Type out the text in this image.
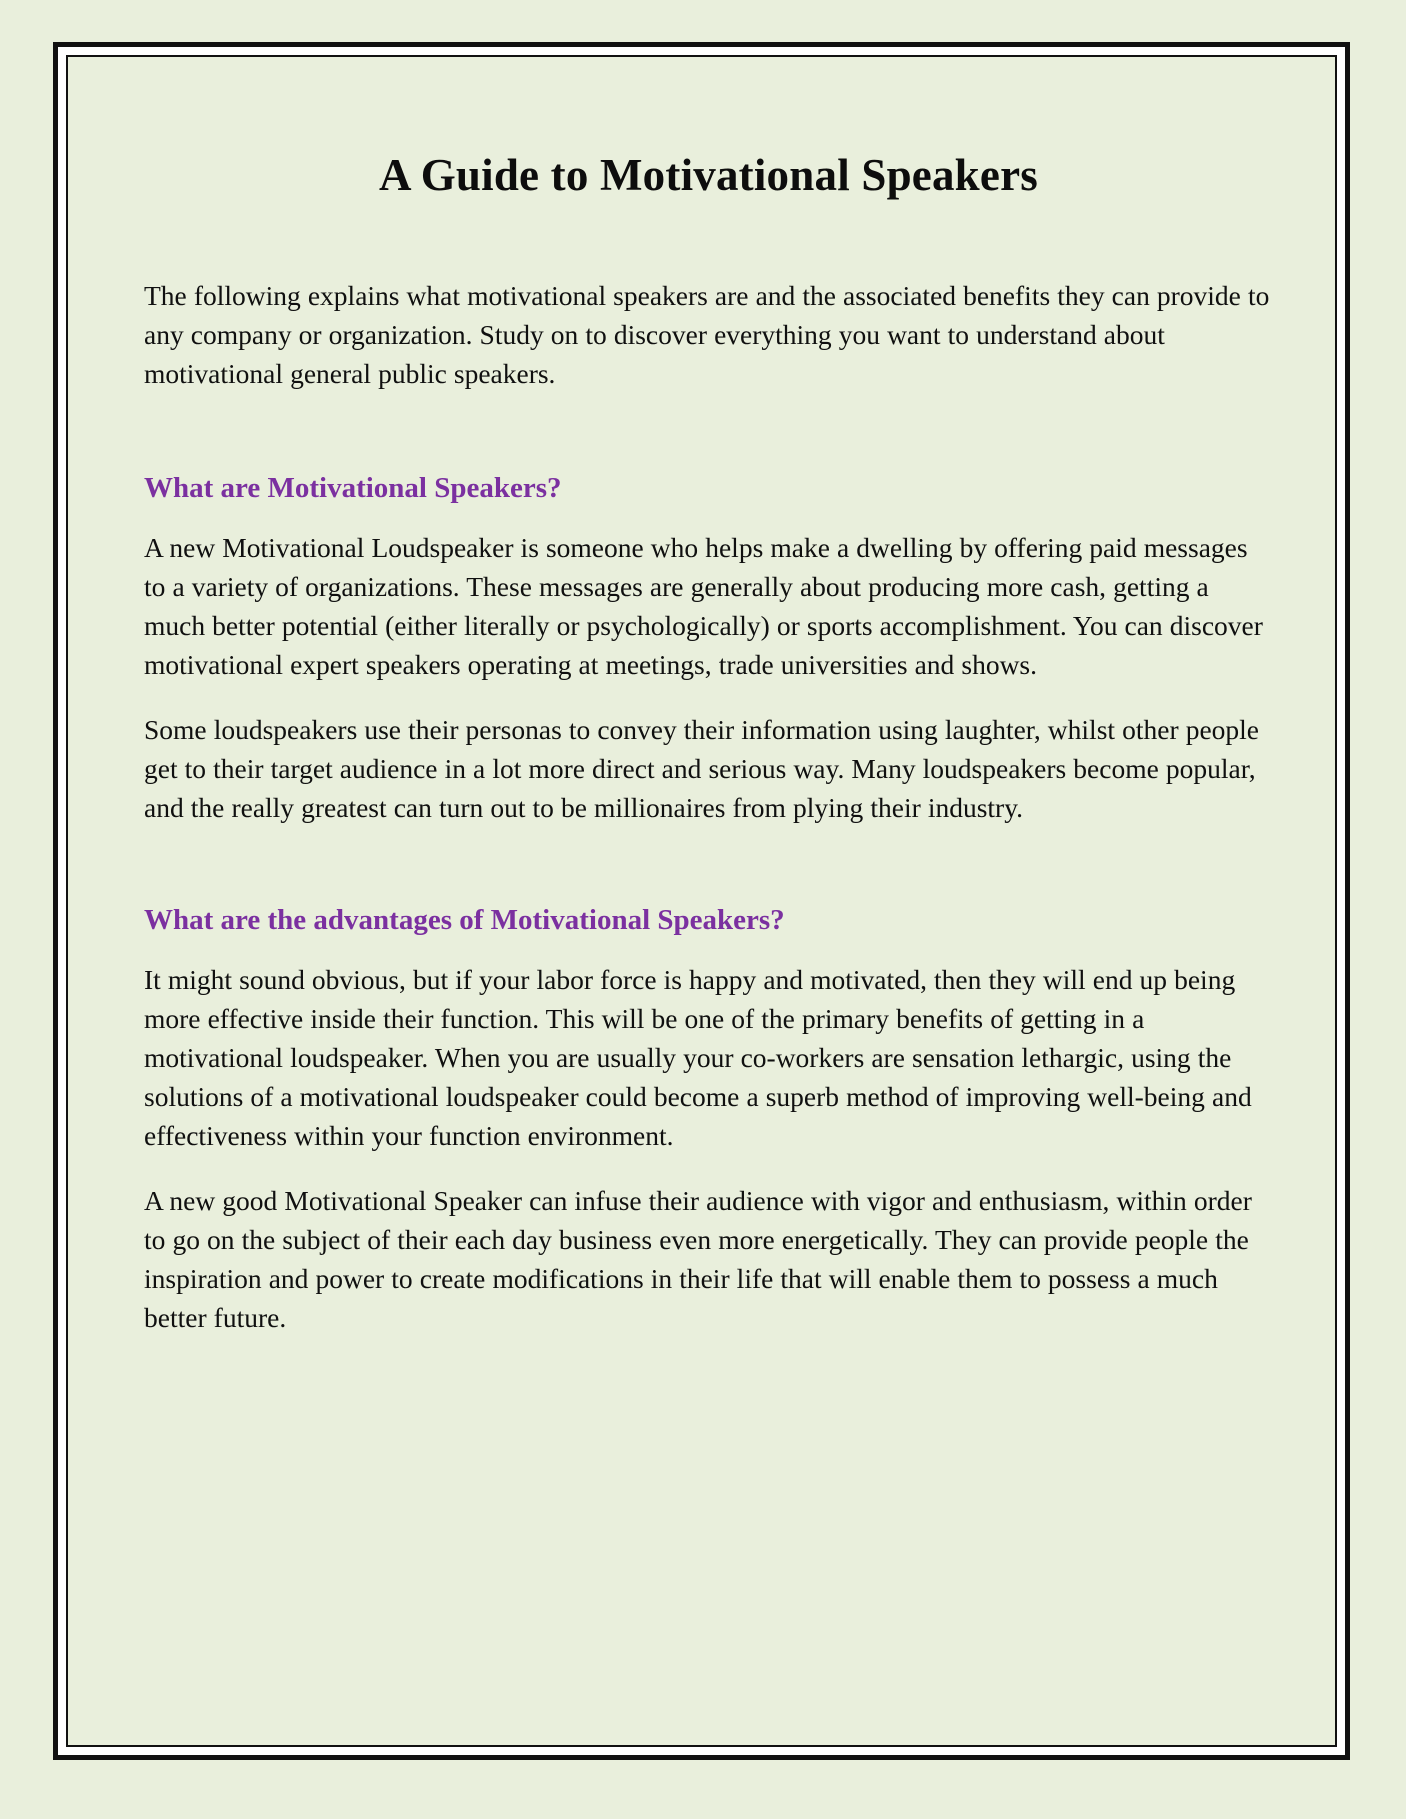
A Guide to Motivational Speakers

The following explains what motivational speakers are and the associated benefits they can provide to any company or organization. Study on to discover everything you want to understand about motivational general public speakers.

What are Motivational Speakers?

A new Motivational Loudspeaker is someone who helps make a dwelling by offering paid messages to a variety of organizations. These messages are generally about producing more cash, getting a much better potential (either literally or psychologically) or sports accomplishment. You can discover motivational expert speakers operating at meetings, trade universities and shows.

Some loudspeakers use their personas to convey their information using laughter, whilst other people get to their target audience in a lot more direct and serious way. Many loudspeakers become popular, and the really greatest can turn out to be millionaires from plying their industry.

What are the advantages of Motivational Speakers?

It might sound obvious, but if your labor force is happy and motivated, then they will end up being more effective inside their function. This will be one of the primary benefits of getting in a motivational loudspeaker. When you are usually your co-workers are sensation lethargic, using the solutions of a motivational loudspeaker could become a superb method of improving well-being and effectiveness within your function environment.

A new good Motivational Speaker can infuse their audience with vigor and enthusiasm, within order to go on the subject of their each day business even more energetically. They can provide people the inspiration and power to create modifications in their life that will enable them to possess a much better future.
